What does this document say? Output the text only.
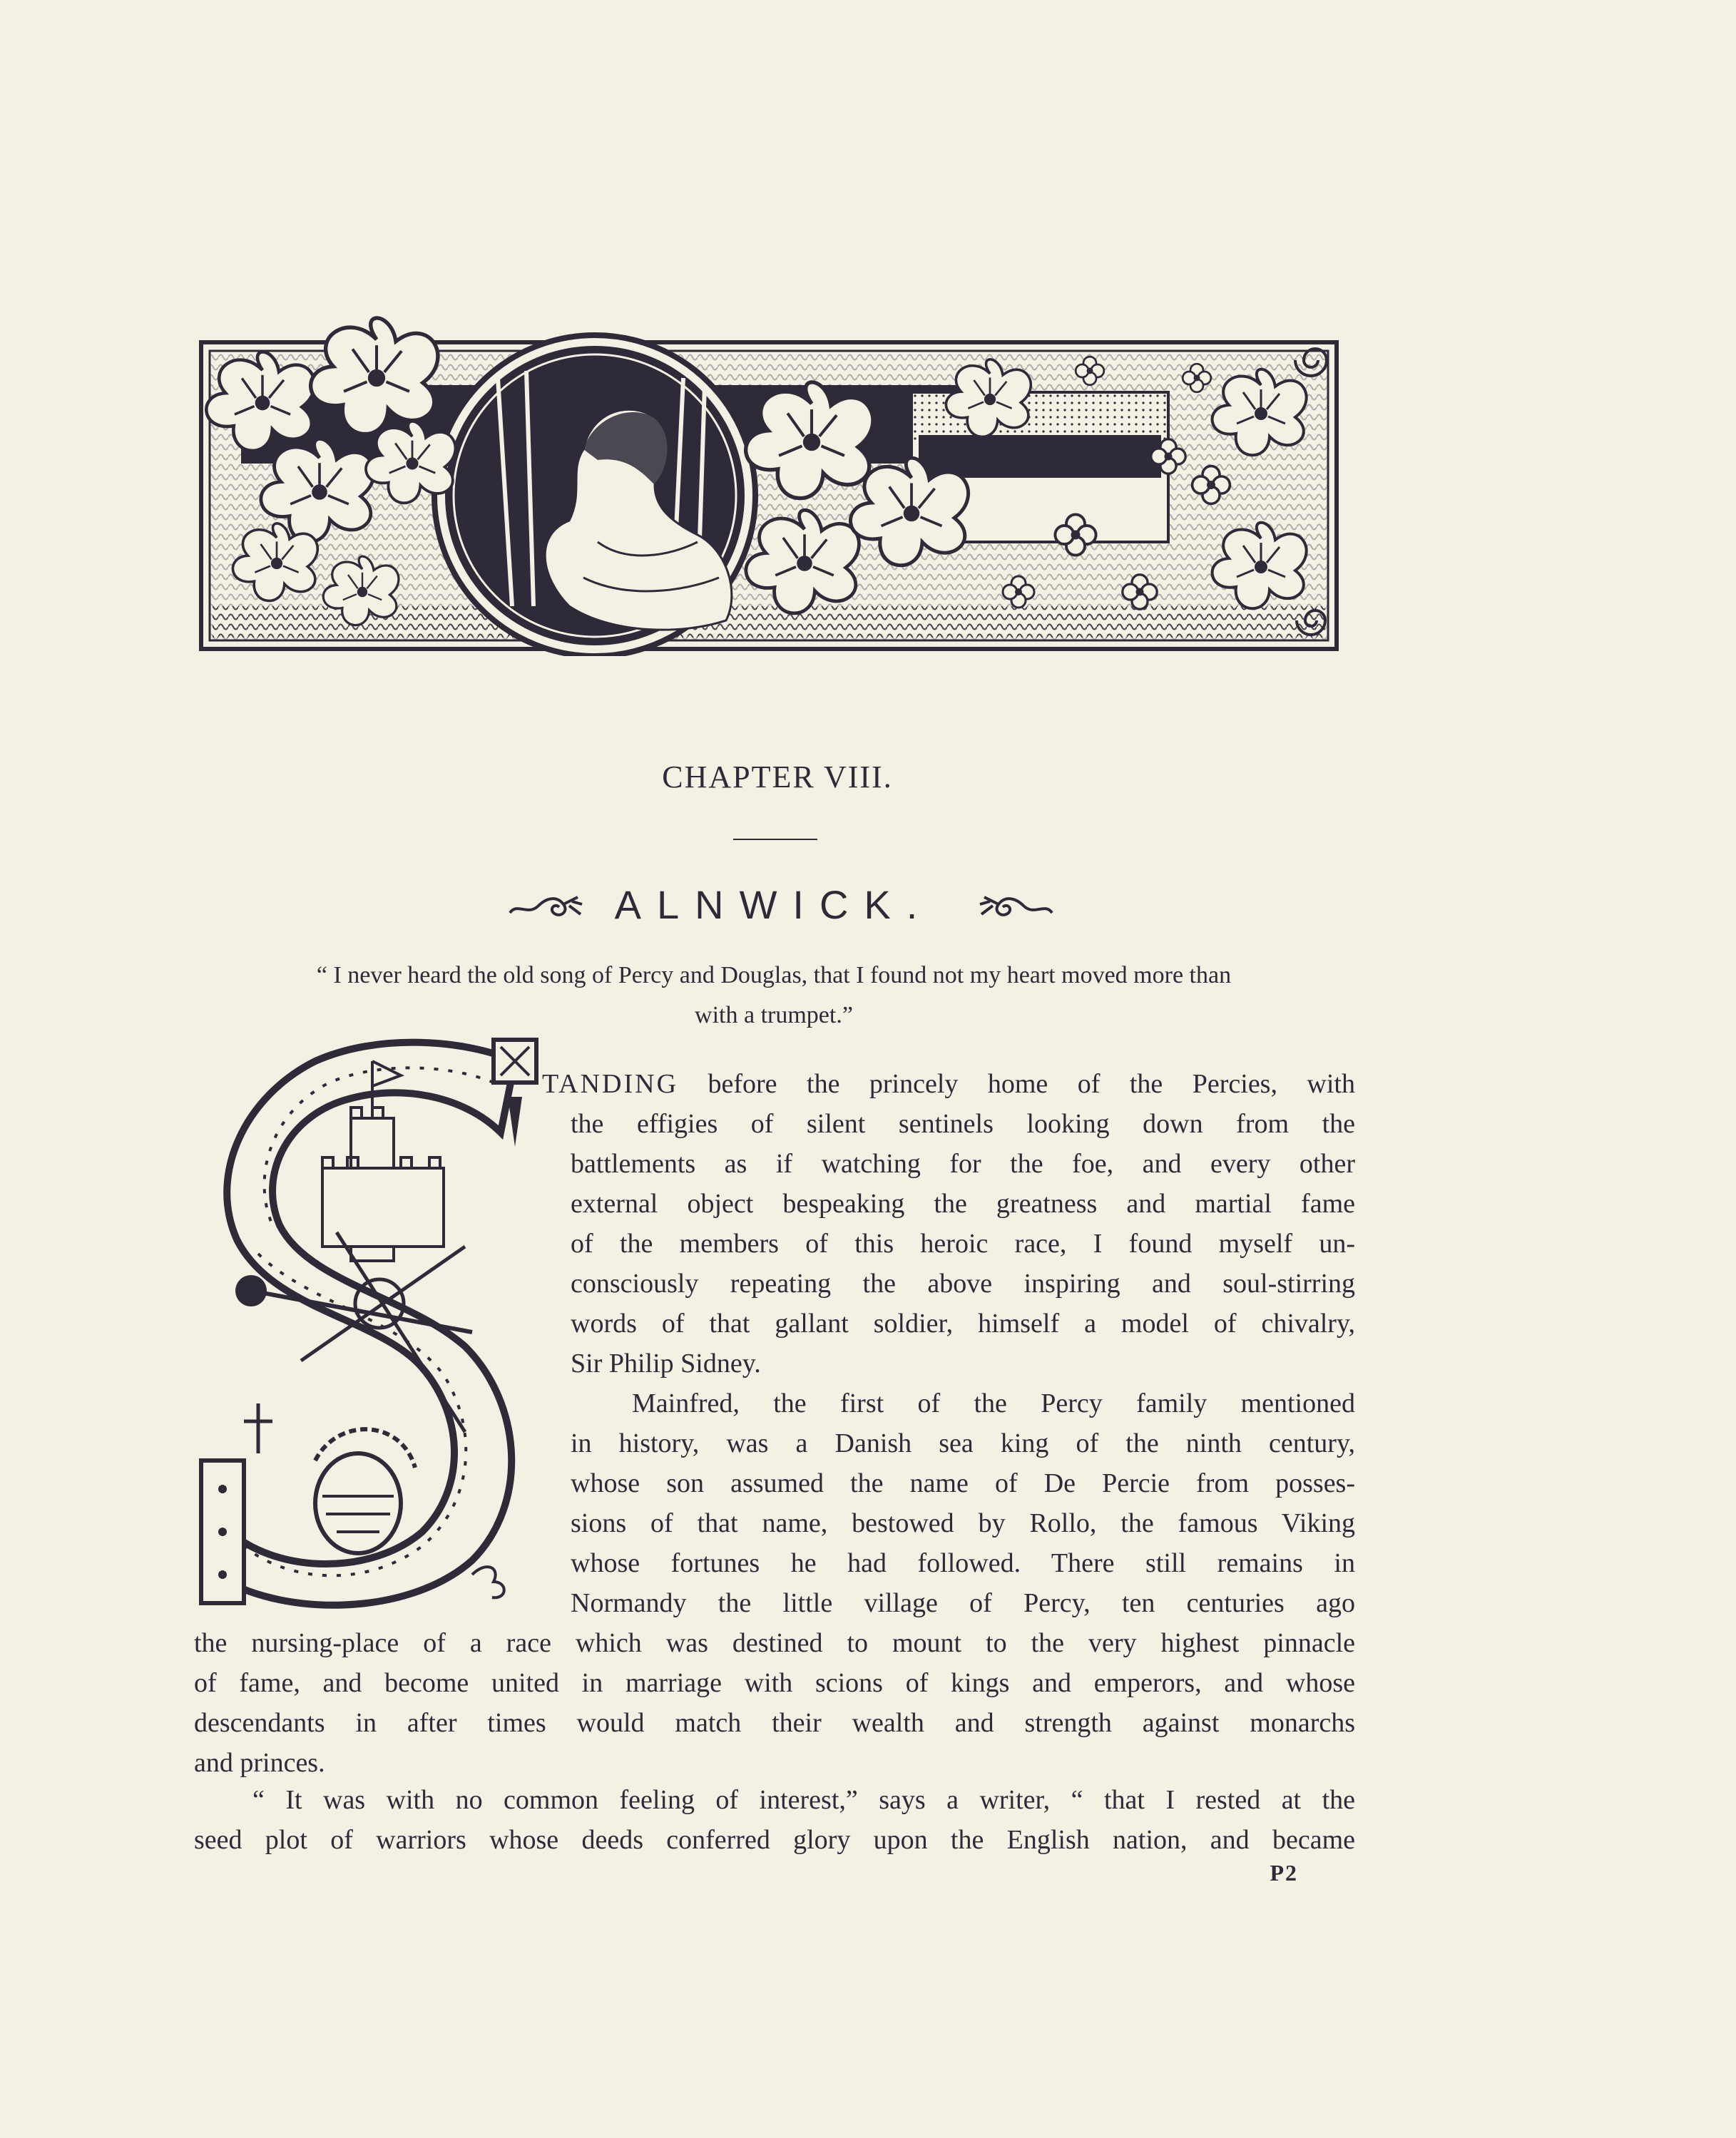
CHAPTER VIII.
ALNWICK.
“ I never heard the old song of Percy and Douglas, that I found not my heart moved more than
with a trumpet.”
TANDING before the princely home of the Percies, with
the effigies of silent sentinels looking down from the
battlements as if watching for the foe, and every other
external object bespeaking the greatness and martial fame
of the members of this heroic race, I found myself un-
consciously repeating the above inspiring and soul-stirring
words of that gallant soldier, himself a model of chivalry,
Sir Philip Sidney.
Mainfred, the first of the Percy family mentioned
in history, was a Danish sea king of the ninth century,
whose son assumed the name of De Percie from posses-
sions of that name, bestowed by Rollo, the famous Viking
whose fortunes he had followed. There still remains in
Normandy the little village of Percy, ten centuries ago
the nursing-place of a race which was destined to mount to the very highest pinnacle
of fame, and become united in marriage with scions of kings and emperors, and whose
descendants in after times would match their wealth and strength against monarchs
and princes.
“ It was with no common feeling of interest,” says a writer, “ that I rested at the
seed plot of warriors whose deeds conferred glory upon the English nation, and became
P2
